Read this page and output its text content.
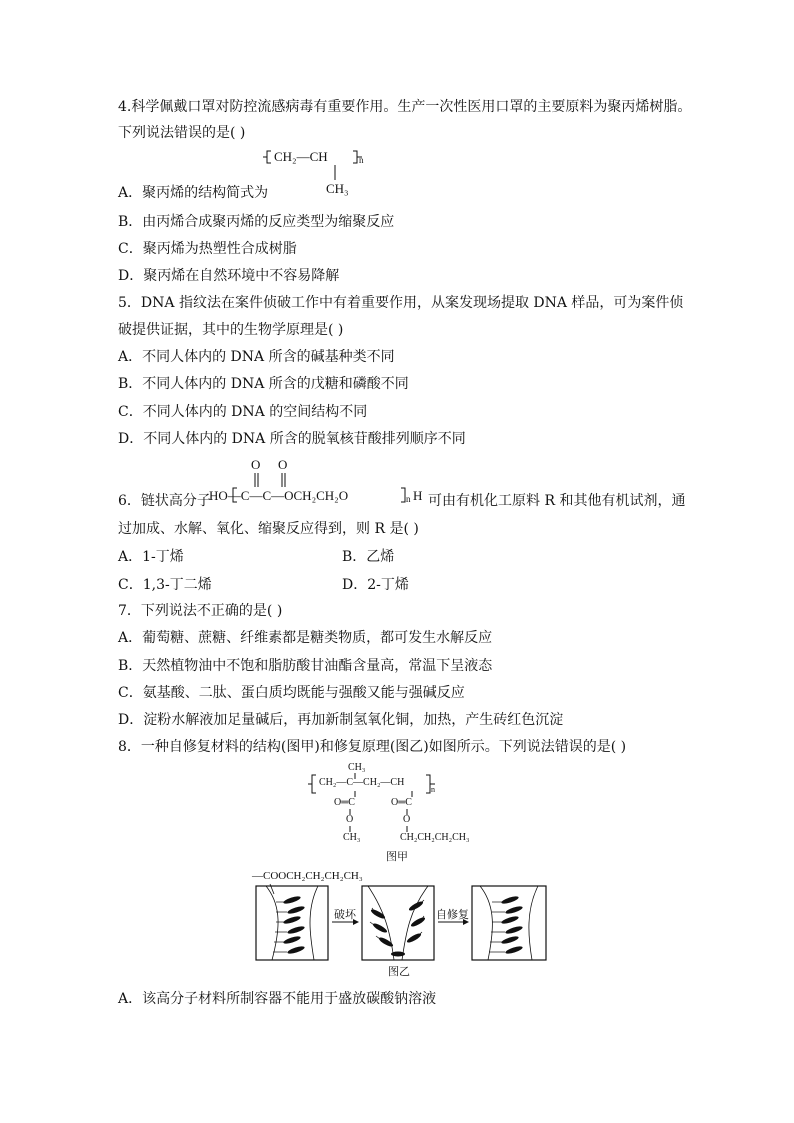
4.科学佩戴口罩对防控流感病毒有重要作用。生产一次性医用口罩的主要原料为聚丙烯树脂。
下列说法错误的是( )
CH₂—CH	n
CH₃
A．聚丙烯的结构简式为
B．由丙烯合成聚丙烯的反应类型为缩聚反应
C．聚丙烯为热塑性合成树脂
D．聚丙烯在自然环境中不容易降解
5．DNA 指纹法在案件侦破工作中有着重要作用，从案发现场提取 DNA 样品，可为案件侦
破提供证据，其中的生物学原理是( )
A．不同人体内的 DNA 所含的碱基种类不同
B．不同人体内的 DNA 所含的戊糖和磷酸不同
C．不同人体内的 DNA 的空间结构不同
D．不同人体内的 DNA 所含的脱氧核苷酸排列顺序不同
6．链状高分子
O O
HO—C—C—OCH₂CH₂O	n H 可由有机化工原料 R 和其他有机试剂，通
过加成、水解、氧化、缩聚反应得到，则 R 是( )
A．1-丁烯	B．乙烯
C．1,3-丁二烯	D．2-丁烯
7．下列说法不正确的是( )
A．葡萄糖、蔗糖、纤维素都是糖类物质，都可发生水解反应
B．天然植物油中不饱和脂肪酸甘油酯含量高，常温下呈液态
C．氨基酸、二肽、蛋白质均既能与强酸又能与强碱反应
D．淀粉水解液加足量碱后，再加新制氢氧化铜，加热，产生砖红色沉淀
8．一种自修复材料的结构(图甲)和修复原理(图乙)如图所示。下列说法错误的是( )
CH₃
CH₂—C—CH₂—CH
n
O═C	O═C
O	O
CH₃	CH₂CH₂CH₂CH₃
图甲
—COOCH₂CH₂CH₂CH₃
破坏	自修复
图乙
A．该高分子材料所制容器不能用于盛放碳酸钠溶液
